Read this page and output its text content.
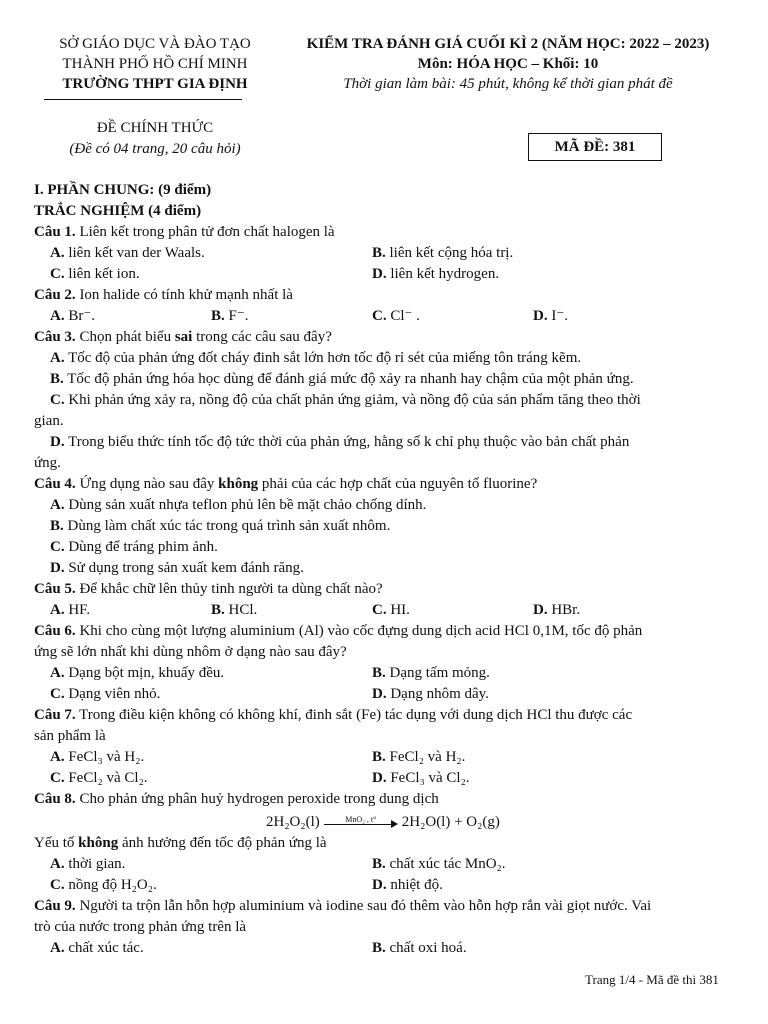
SỞ GIÁO DỤC VÀ ĐÀO TẠO
THÀNH PHỐ HỒ CHÍ MINH
TRƯỜNG THPT GIA ĐỊNH
KIỂM TRA ĐÁNH GIÁ CUỐI KÌ 2 (NĂM HỌC: 2022 – 2023)
Môn: HÓA HỌC – Khối: 10
Thời gian làm bài: 45 phút, không kể thời gian phát đề
ĐỀ CHÍNH THỨC
(Đề có 04 trang, 20 câu hỏi)	MÃ ĐỀ: 381
I. PHẦN CHUNG: (9 điểm)
TRẮC NGHIỆM (4 điểm)
Câu 1. Liên kết trong phân tử đơn chất halogen là
A. liên kết van der Waals.	B. liên kết cộng hóa trị.
C. liên kết ion.	D. liên kết hydrogen.
Câu 2. Ion halide có tính khử mạnh nhất là
A. Br⁻.	B. F⁻.	C. Cl⁻ .	D. I⁻.
Câu 3. Chọn phát biểu sai trong các câu sau đây?
A. Tốc độ của phản ứng đốt cháy đinh sắt lớn hơn tốc độ rỉ sét của miếng tôn tráng kẽm.
B. Tốc độ phản ứng hóa học dùng để đánh giá mức độ xảy ra nhanh hay chậm của một phản ứng.
C. Khi phản ứng xảy ra, nồng độ của chất phản ứng giảm, và nồng độ của sản phẩm tăng theo thời
gian.
D. Trong biểu thức tính tốc độ tức thời của phản ứng, hằng số k chỉ phụ thuộc vào bản chất phản
ứng.
Câu 4. Ứng dụng nào sau đây không phải của các hợp chất của nguyên tố fluorine?
A. Dùng sản xuất nhựa teflon phủ lên bề mặt chảo chống dính.
B. Dùng làm chất xúc tác trong quá trình sản xuất nhôm.
C. Dùng để tráng phim ảnh.
D. Sử dụng trong sản xuất kem đánh răng.
Câu 5. Để khắc chữ lên thủy tinh người ta dùng chất nào?
A. HF.	B. HCl.	C. HI.	D. HBr.
Câu 6. Khi cho cùng một lượng aluminium (Al) vào cốc đựng dung dịch acid HCl 0,1M, tốc độ phản
ứng sẽ lớn nhất khi dùng nhôm ở dạng nào sau đây?
A. Dạng bột mịn, khuấy đều.	B. Dạng tấm mỏng.
C. Dạng viên nhỏ.	D. Dạng nhôm dây.
Câu 7. Trong điều kiện không có không khí, đinh sắt (Fe) tác dụng với dung dịch HCl thu được các
sản phẩm là
A. FeCl₃ và H₂.	B. FeCl₂ và H₂.
C. FeCl₂ và Cl₂.	D. FeCl₃ và Cl₂.
Câu 8. Cho phản ứng phân huỷ hydrogen peroxide trong dung dịch
2H₂O₂(l)	MnO₂ , t°	2H₂O(l) + O₂(g)
Yếu tố không ảnh hưởng đến tốc độ phản ứng là
A. thời gian.	B. chất xúc tác MnO₂.
C. nồng độ H₂O₂.	D. nhiệt độ.
Câu 9. Người ta trộn lẫn hỗn hợp aluminium và iodine sau đó thêm vào hỗn hợp rắn vài giọt nước. Vai
trò của nước trong phản ứng trên là
A. chất xúc tác.	B. chất oxi hoá.
Trang 1/4 - Mã đề thi 381
